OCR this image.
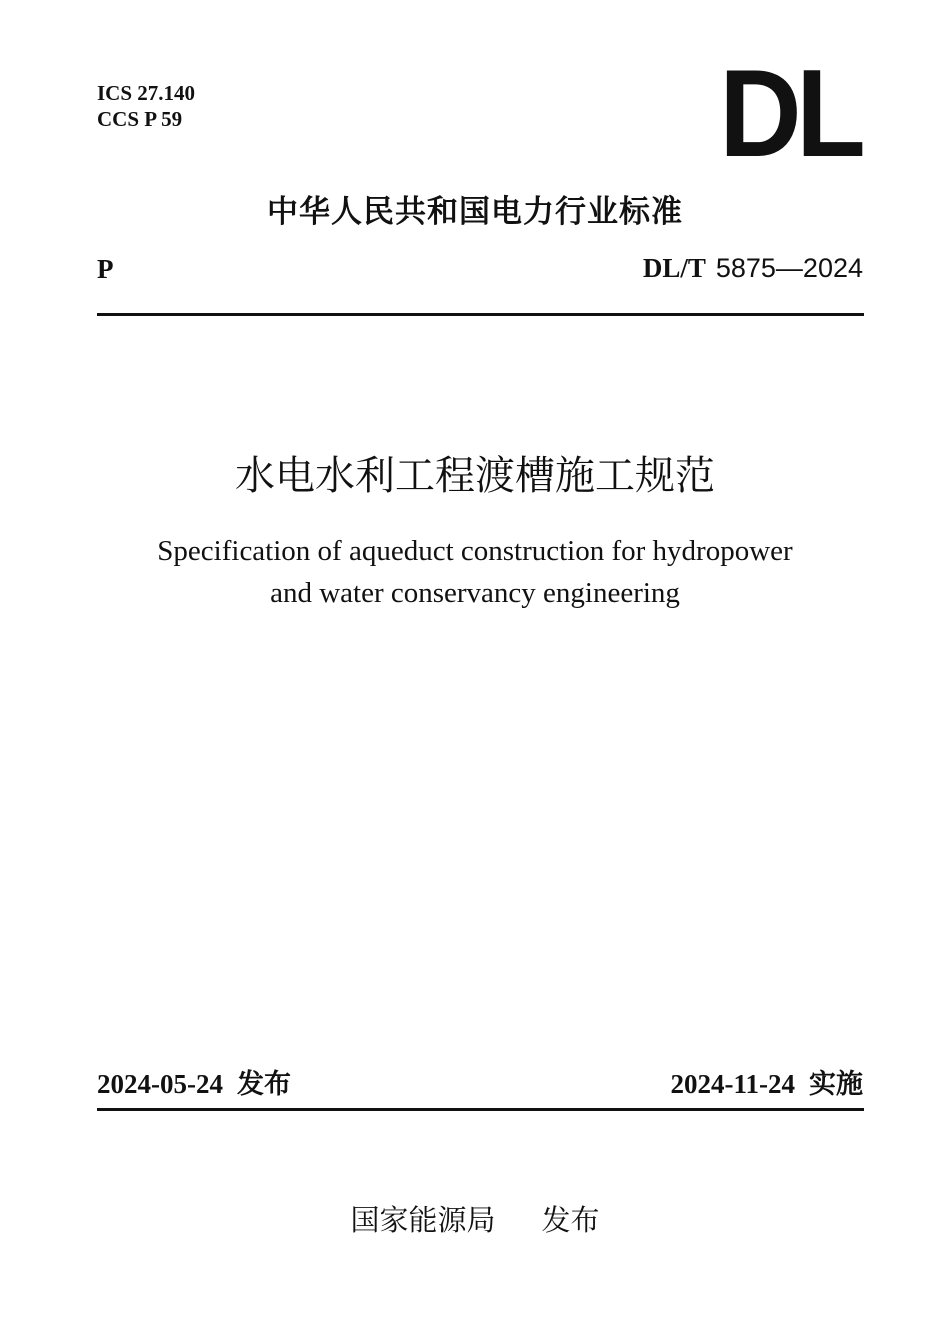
ICS 27.140
CCS P 59	DL
中华人民共和国电力行业标准
P	DL/T 5875—2024
水电水利工程渡槽施工规范
Specification of aqueduct construction for hydropower
and water conservancy engineering
2024-05-24 发布	2024-11-24 实施
国家能源局 发布
